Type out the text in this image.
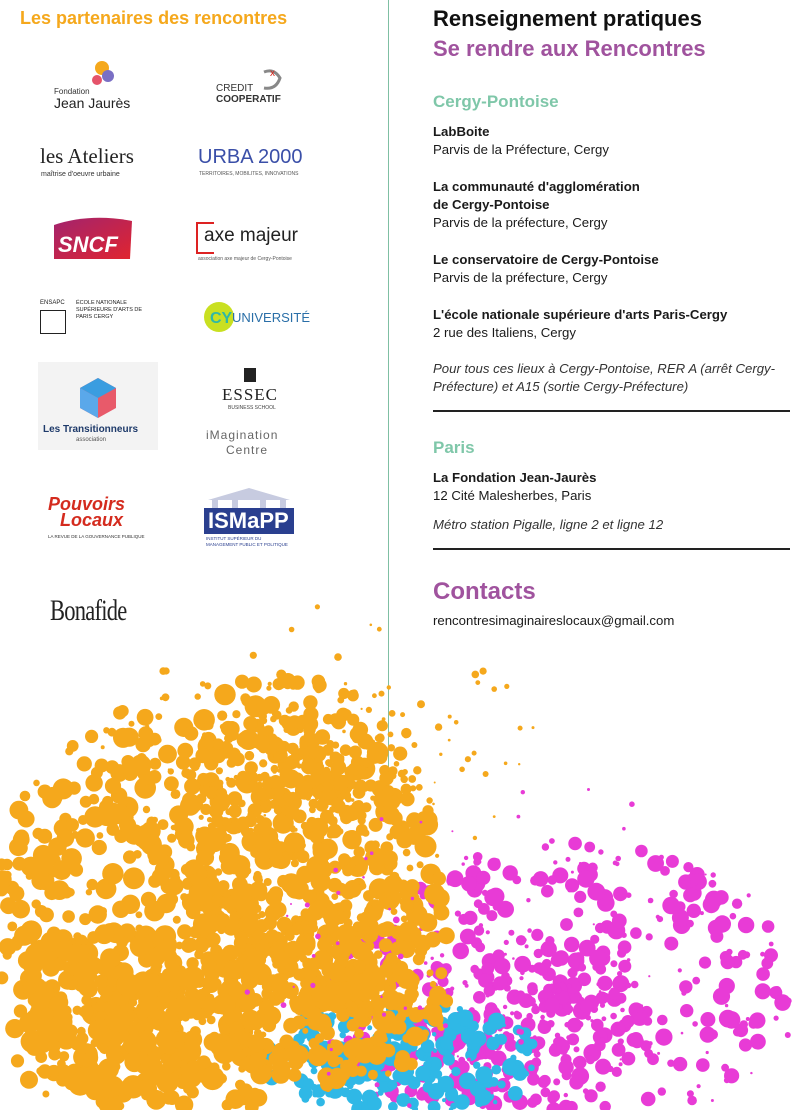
Les partenaires des rencontres
Fondation
Jean Jaurès
x
CREDIT
COOPERATIF
les Ateliers
maîtrise d'oeuvre urbaine
URBA 2000
TERRITOIRES, MOBILITES, INNOVATIONS
SNCF	axe majeur
association axe majeur de Cergy-Pontoise
ENSAPC ÉCOLE NATIONALE SUPÉRIEURE D'ARTS DE PARIS CERGY	CY UNIVERSITÉ
Les Transitionneurs
association
ESSEC
BUSINESS SCHOOL
iMagination
Centre
Pouvoirs
Locaux
LA REVUE DE LA GOUVERNANCE PUBLIQUE
ISMaPP
INSTITUT SUPÉRIEUR DU MANAGEMENT PUBLIC ET POLITIQUE
Bonafide
Renseignement pratiques
Se rendre aux Rencontres
Cergy-Pontoise
LabBoite
Parvis de la Préfecture, Cergy
La communauté d'agglomération
de Cergy-Pontoise
Parvis de la préfecture, Cergy
Le conservatoire de Cergy-Pontoise
Parvis de la préfecture, Cergy
L'école nationale supérieure d'arts Paris-Cergy
2 rue des Italiens, Cergy
Pour tous ces lieux à Cergy-Pontoise, RER A (arrêt Cergy-Préfecture) et A15 (sortie Cergy-Préfecture)
Paris
La Fondation Jean-Jaurès
12 Cité Malesherbes, Paris
Métro station Pigalle, ligne 2 et ligne 12
Contacts
rencontresimaginaireslocaux@gmail.com
